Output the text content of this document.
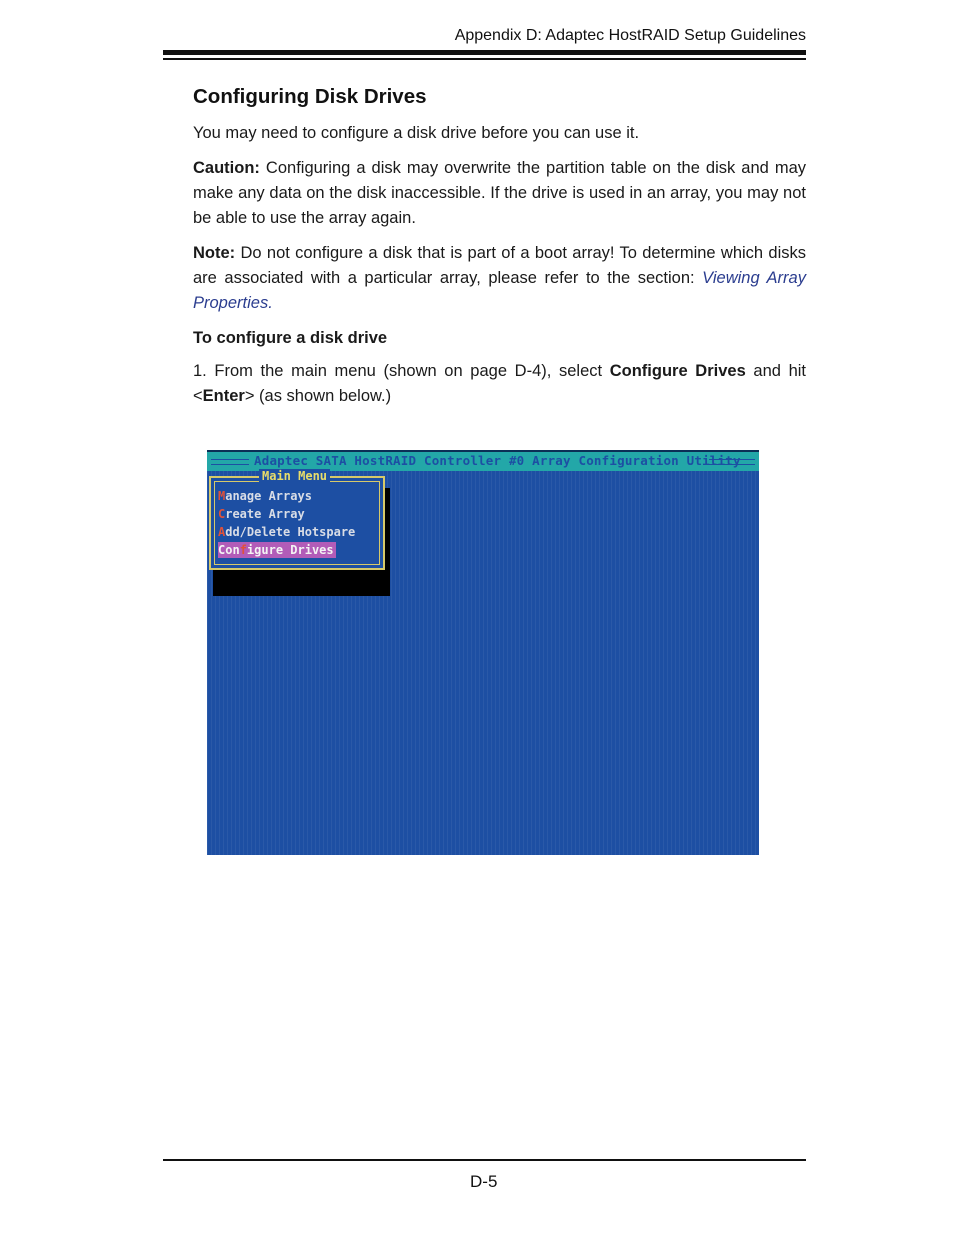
Appendix D: Adaptec HostRAID Setup Guidelines
Configuring Disk Drives

You may need to configure a disk drive before you can use it.

Caution: Configuring a disk may overwrite the partition table on the disk and may make any data on the disk inaccessible. If the drive is used in an array, you may not be able to use the array again.

Note: Do not configure a disk that is part of a boot array! To determine which disks are associated with a particular array, please refer to the section: Viewing Array Properties.

To configure a disk drive

1. From the main menu (shown on page D-4), select Configure Drives and hit <Enter> (as shown below.)

Adaptec SATA HostRAID Controller #0 Array Configuration Utility
Main Menu
Manage Arrays
Create Array
Add/Delete Hotspare
Configure Drives
D-5
